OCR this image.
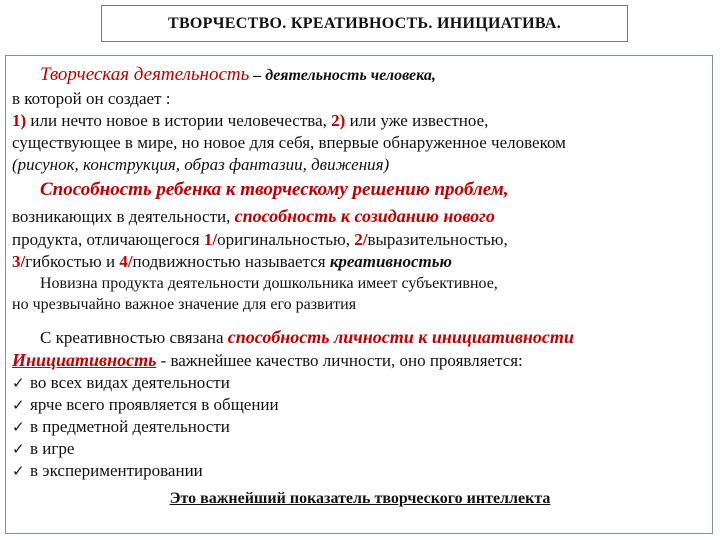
ТВОРЧЕСТВО. КРЕАТИВНОСТЬ. ИНИЦИАТИВА.
Творческая деятельность – деятельность человека,
в которой он создает :
1) или нечто новое в истории человечества, 2) или уже известное,
существующее в мире, но новое для себя, впервые обнаруженное человеком
(рисунок, конструкция, образ фантазии, движения)
Способность ребенка к творческому решению проблем,
возникающих в деятельности, способность к созиданию нового
продукта, отличающегося 1/оригинальностью, 2/выразительностью,
3/гибкостью и 4/подвижностью называется креативностью
Новизна продукта деятельности дошкольника имеет субъективное,
но чрезвычайно важное значение для его развития
С креативностью связана способность личности к инициативности
Инициативность - важнейшее качество личности, оно проявляется:
✓ во всех видах деятельности
✓ ярче всего проявляется в общении
✓ в предметной деятельности
✓ в игре
✓ в экспериментировании
Это важнейший показатель творческого интеллекта
